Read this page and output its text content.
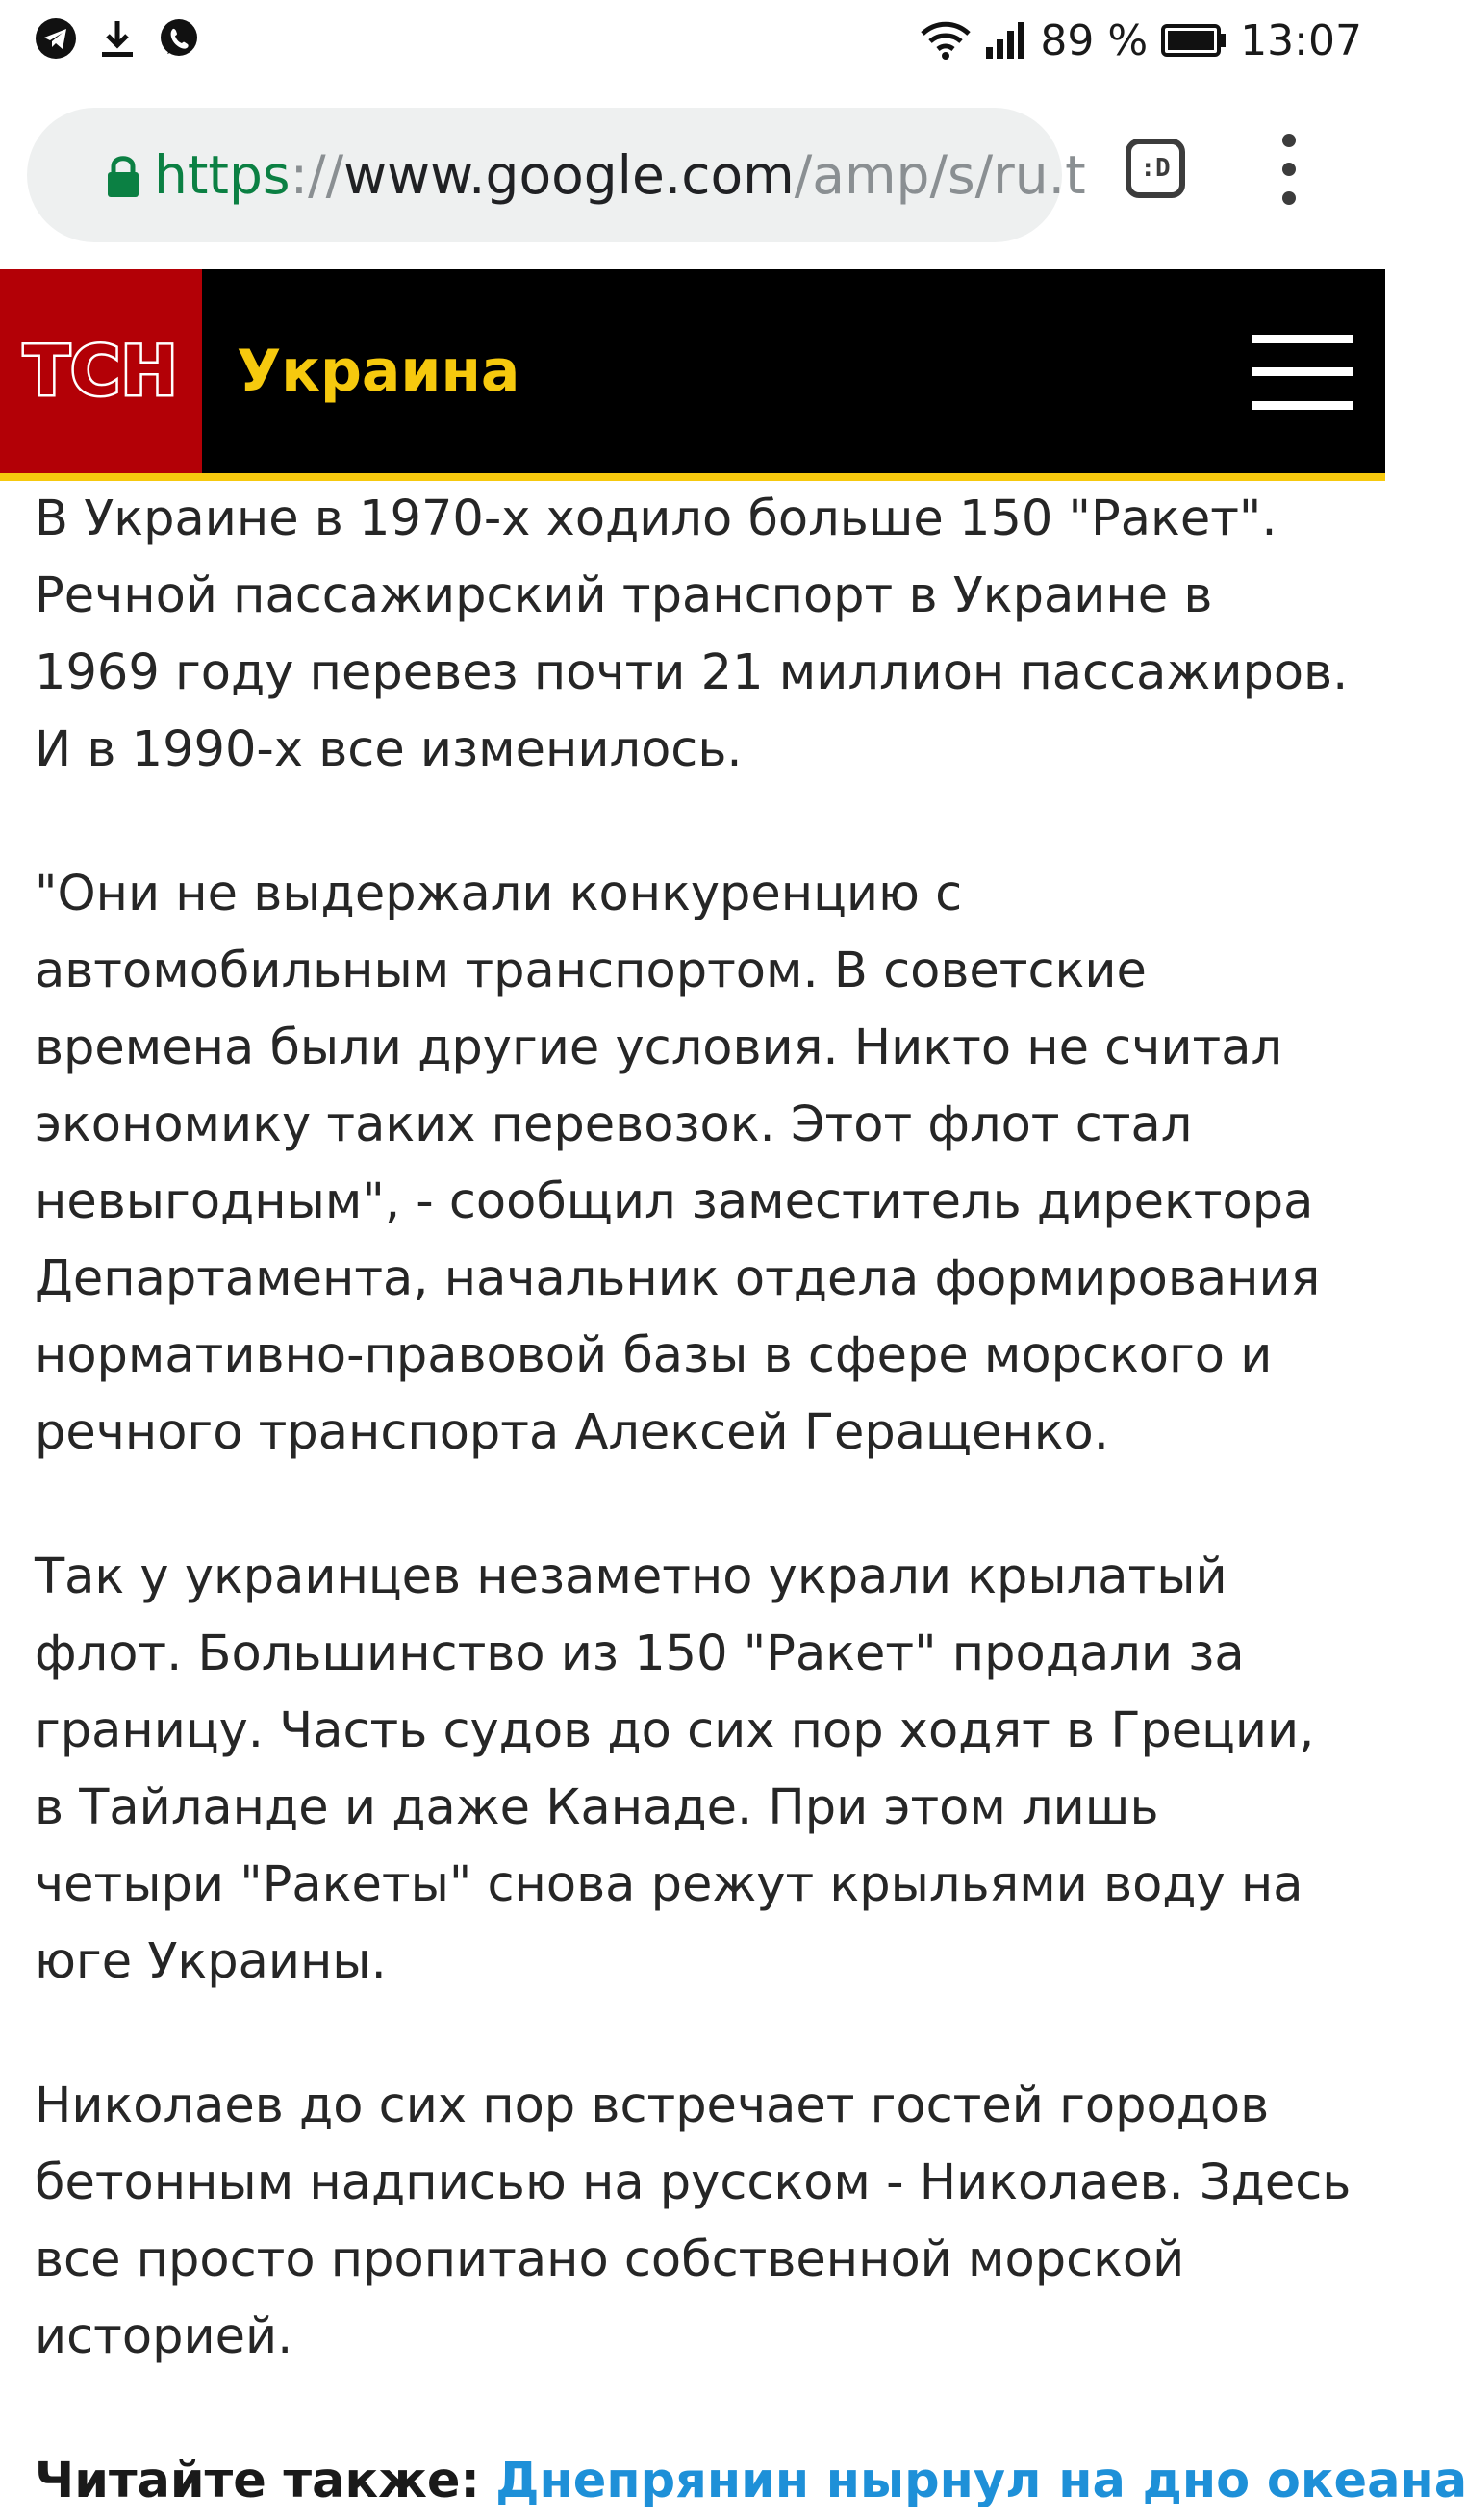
89 % 13:07
https://www.google.com/amp/s/ru.t	:D
ТСН Украина

В Украине в 1970-х ходило больше 150 "Ракет". Речной пассажирский транспорт в Украине в 1969 году перевез почти 21 миллион пассажиров. И в 1990-х все изменилось.

"Они не выдержали конкуренцию с автомобильным транспортом. В советские времена были другие условия. Никто не считал экономику таких перевозок. Этот флот стал невыгодным", - сообщил заместитель директора Департамента, начальник отдела формирования нормативно-правовой базы в сфере морского и речного транспорта Алексей Геращенко.

Так у украинцев незаметно украли крылатый флот. Большинство из 150 "Ракет" продали за границу. Часть судов до сих пор ходят в Греции, в Тайланде и даже Канаде. При этом лишь четыри "Ракеты" снова режут крыльями воду на юге Украины.

Николаев до сих пор встречает гостей городов бетонным надписью на русском - Николаев. Здесь все просто пропитано собственной морской историей.

Читайте также: Днепрянин нырнул на дно океана
